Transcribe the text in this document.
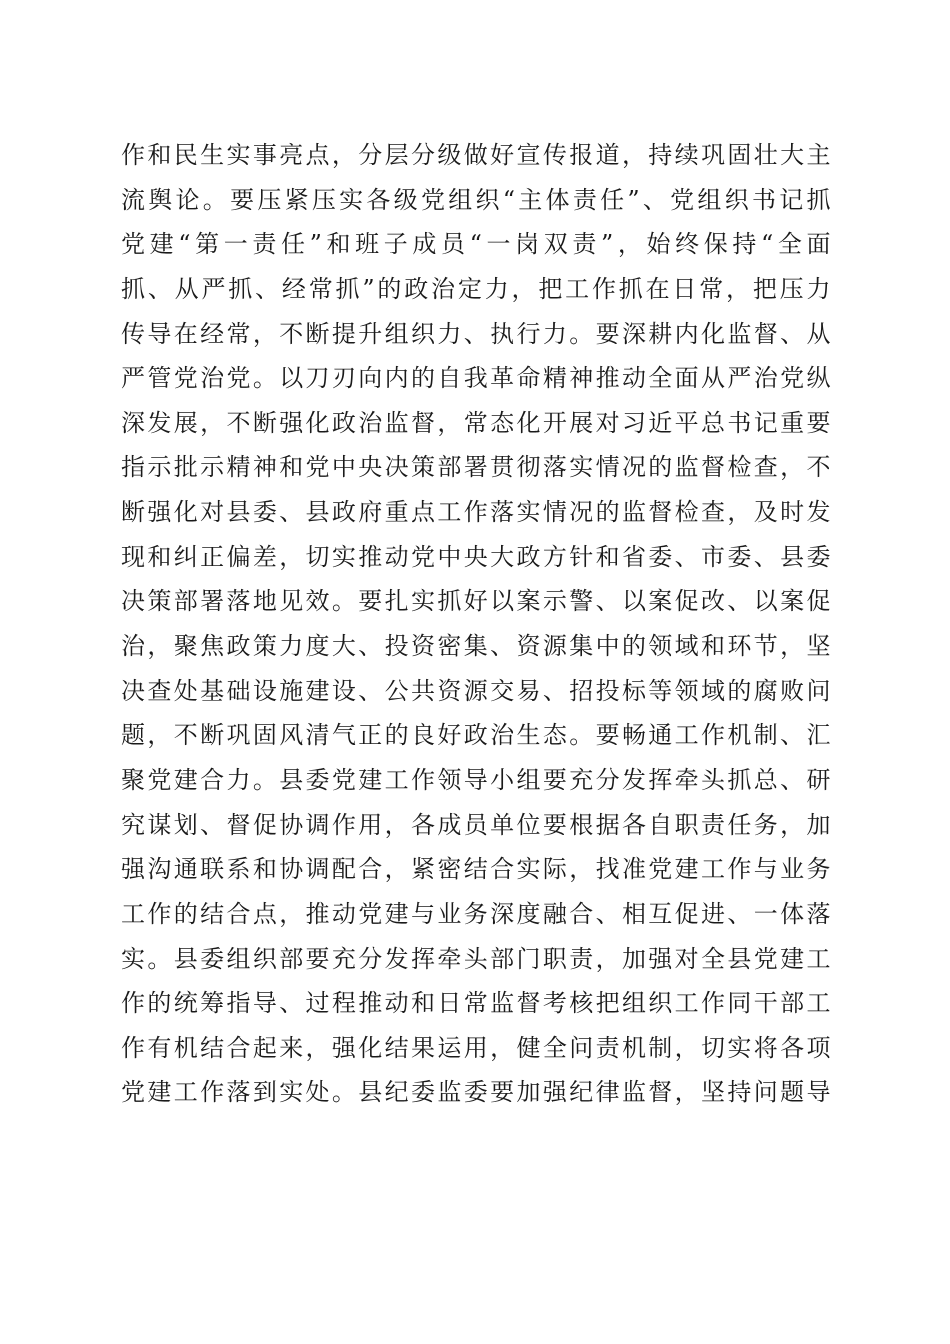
作和民生实事亮点，分层分级做好宣传报道，持续巩固壮大主
流舆论。要压紧压实各级党组织“主体责任”、党组织书记抓
党建“第一责任”和班子成员“一岗双责”，始终保持“全面
抓、从严抓、经常抓”的政治定力，把工作抓在日常，把压力
传导在经常，不断提升组织力、执行力。要深耕内化监督、从
严管党治党。以刀刃向内的自我革命精神推动全面从严治党纵
深发展，不断强化政治监督，常态化开展对习近平总书记重要
指示批示精神和党中央决策部署贯彻落实情况的监督检查，不
断强化对县委、县政府重点工作落实情况的监督检查，及时发
现和纠正偏差，切实推动党中央大政方针和省委、市委、县委
决策部署落地见效。要扎实抓好以案示警、以案促改、以案促
治，聚焦政策力度大、投资密集、资源集中的领域和环节，坚
决查处基础设施建设、公共资源交易、招投标等领域的腐败问
题，不断巩固风清气正的良好政治生态。要畅通工作机制、汇
聚党建合力。县委党建工作领导小组要充分发挥牵头抓总、研
究谋划、督促协调作用，各成员单位要根据各自职责任务，加
强沟通联系和协调配合，紧密结合实际，找准党建工作与业务
工作的结合点，推动党建与业务深度融合、相互促进、一体落
实。县委组织部要充分发挥牵头部门职责，加强对全县党建工
作的统筹指导、过程推动和日常监督考核把组织工作同干部工
作有机结合起来，强化结果运用，健全问责机制，切实将各项
党建工作落到实处。县纪委监委要加强纪律监督，坚持问题导
